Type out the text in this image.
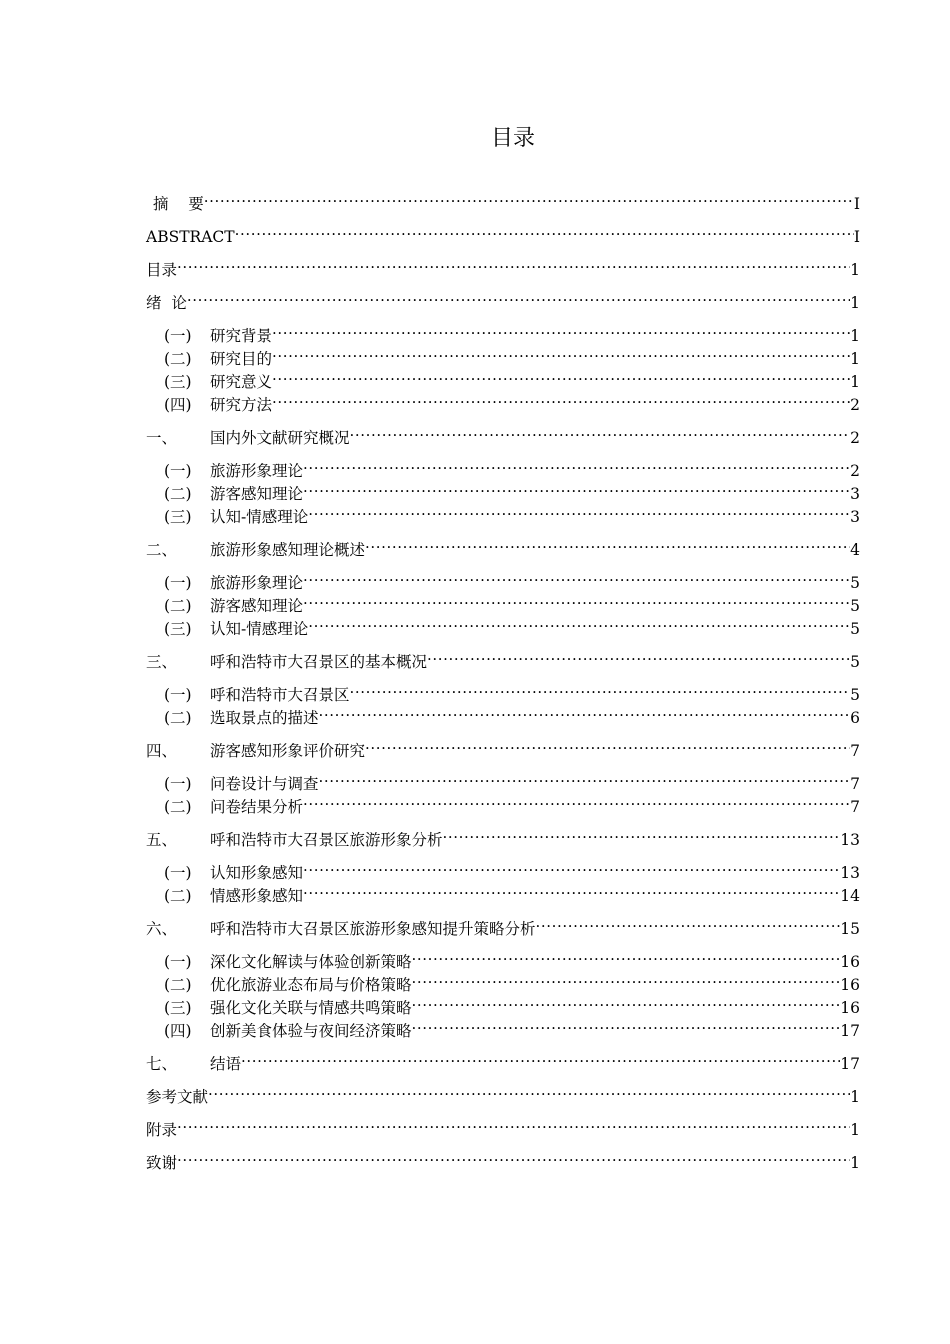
目录
摘    要 .....	I
ABSTRACT .....	I
目录 .....	1
绪  论 .....	1
(一)	研究背景 .....	1
(二)	研究目的 .....	1
(三)	研究意义 .....	1
(四)	研究方法 .....	2
一、	国内外文献研究概况 .....	2
(一)	旅游形象理论 .....	2
(二)	游客感知理论 .....	3
(三)	认知-情感理论 .....	3
二、	旅游形象感知理论概述 .....	4
(一)	旅游形象理论 .....	5
(二)	游客感知理论 .....	5
(三)	认知-情感理论 .....	5
三、	呼和浩特市大召景区的基本概况 .....	5
(一)	呼和浩特市大召景区 .....	5
(二)	选取景点的描述 .....	6
四、	游客感知形象评价研究 .....	7
(一)	问卷设计与调查 .....	7
(二)	问卷结果分析 .....	7
五、	呼和浩特市大召景区旅游形象分析 .....	13
(一)	认知形象感知 .....	13
(二)	情感形象感知 .....	14
六、	呼和浩特市大召景区旅游形象感知提升策略分析 .....	15
(一)	深化文化解读与体验创新策略 .....	16
(二)	优化旅游业态布局与价格策略 .....	16
(三)	强化文化关联与情感共鸣策略 .....	16
(四)	创新美食体验与夜间经济策略 .....	17
七、	结语 .....	17
参考文献 .....	1
附录 .....	1
致谢 .....	1
